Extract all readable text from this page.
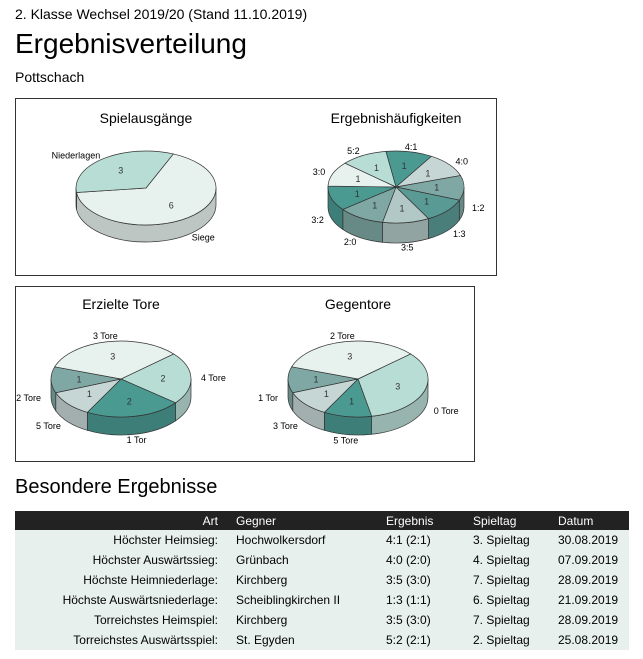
2. Klasse Wechsel 2019/20 (Stand 11.10.2019)
Ergebnisverteilung
Pottschach
Spielausgänge
6
Siege
3
Niederlagen
Ergebnishäufigkeiten
1
4:1
1
4:0
1
1:2
1
1:3
1
3:5
1
2:0
1
3:2
1
3:0	1
5:2
Erzielte Tore
2	4 Tore
2
1 Tor
1
5 Tore
1
2 Tore
3
3 Tore
Gegentore
3
0 Tore
1
5 Tore
1
3 Tore
1
1 Tor
3
2 Tore
Besondere Ergebnisse
Art	Gegner	Ergebnis	Spieltag	Datum
Höchster Heimsieg:	Hochwolkersdorf	4:1 (2:1)	3. Spieltag	30.08.2019
Höchster Auswärtssieg:	Grünbach	4:0 (2:0)	4. Spieltag	07.09.2019
Höchste Heimniederlage:	Kirchberg	3:5 (3:0)	7. Spieltag	28.09.2019
Höchste Auswärtsniederlage:	Scheiblingkirchen II	1:3 (1:1)	6. Spieltag	21.09.2019
Torreichstes Heimspiel:	Kirchberg	3:5 (3:0)	7. Spieltag	28.09.2019
Torreichstes Auswärtsspiel:	St. Egyden	5:2 (2:1)	2. Spieltag	25.08.2019
